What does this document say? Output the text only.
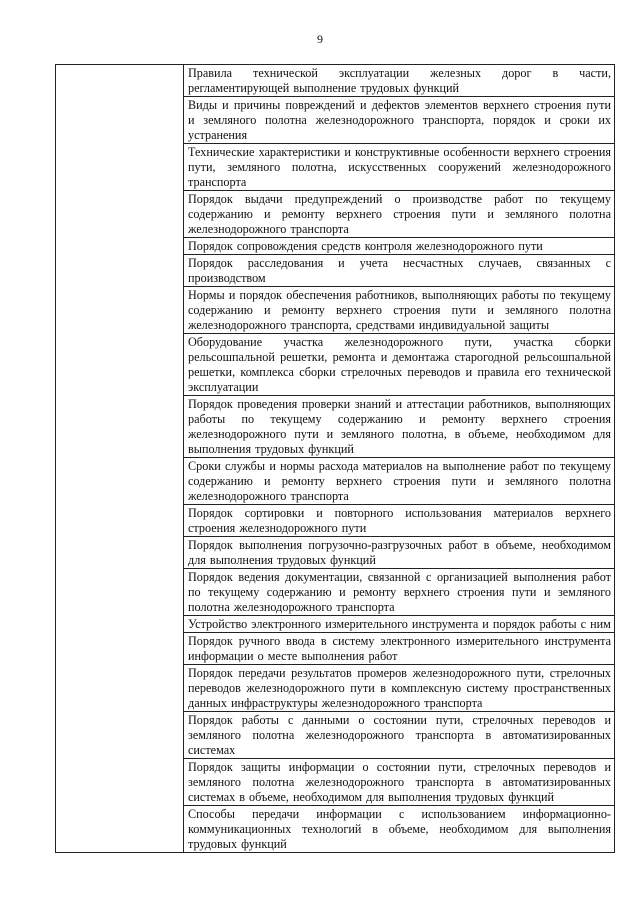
9
	Правила технической эксплуатации железных дорог в части, регламентирующей выполнение трудовых функций
Виды и причины повреждений и дефектов элементов верхнего строения пути и земляного полотна железнодорожного транспорта, порядок и сроки их устранения
Технические характеристики и конструктивные особенности верхнего строения пути, земляного полотна, искусственных сооружений железнодорожного транспорта
Порядок выдачи предупреждений о производстве работ по текущему содержанию и ремонту верхнего строения пути и земляного полотна железнодорожного транспорта
Порядок сопровождения средств контроля железнодорожного пути
Порядок расследования и учета несчастных случаев, связанных с производством
Нормы и порядок обеспечения работников, выполняющих работы по текущему содержанию и ремонту верхнего строения пути и земляного полотна железнодорожного транспорта, средствами индивидуальной защиты
Оборудование участка железнодорожного пути, участка сборки рельсошпальной решетки, ремонта и демонтажа старогодной рельсошпальной решетки, комплекса сборки стрелочных переводов и правила его технической эксплуатации
Порядок проведения проверки знаний и аттестации работников, выполняющих работы по текущему содержанию и ремонту верхнего строения железнодорожного пути и земляного полотна, в объеме, необходимом для выполнения трудовых функций
Сроки службы и нормы расхода материалов на выполнение работ по текущему содержанию и ремонту верхнего строения пути и земляного полотна железнодорожного транспорта
Порядок сортировки и повторного использования материалов верхнего строения железнодорожного пути
Порядок выполнения погрузочно-разгрузочных работ в объеме, необходимом для выполнения трудовых функций
Порядок ведения документации, связанной с организацией выполнения работ по текущему содержанию и ремонту верхнего строения пути и земляного полотна железнодорожного транспорта
Устройство электронного измерительного инструмента и порядок работы с ним
Порядок ручного ввода в систему электронного измерительного инструмента информации о месте выполнения работ
Порядок передачи результатов промеров железнодорожного пути, стрелочных переводов железнодорожного пути в комплексную систему пространственных данных инфраструктуры железнодорожного транспорта
Порядок работы с данными о состоянии пути, стрелочных переводов и земляного полотна железнодорожного транспорта в автоматизированных системах
Порядок защиты информации о состоянии пути, стрелочных переводов и земляного полотна железнодорожного транспорта в автоматизированных системах в объеме, необходимом для выполнения трудовых функций
Способы передачи информации с использованием информационно-коммуникационных технологий в объеме, необходимом для выполнения трудовых функций
